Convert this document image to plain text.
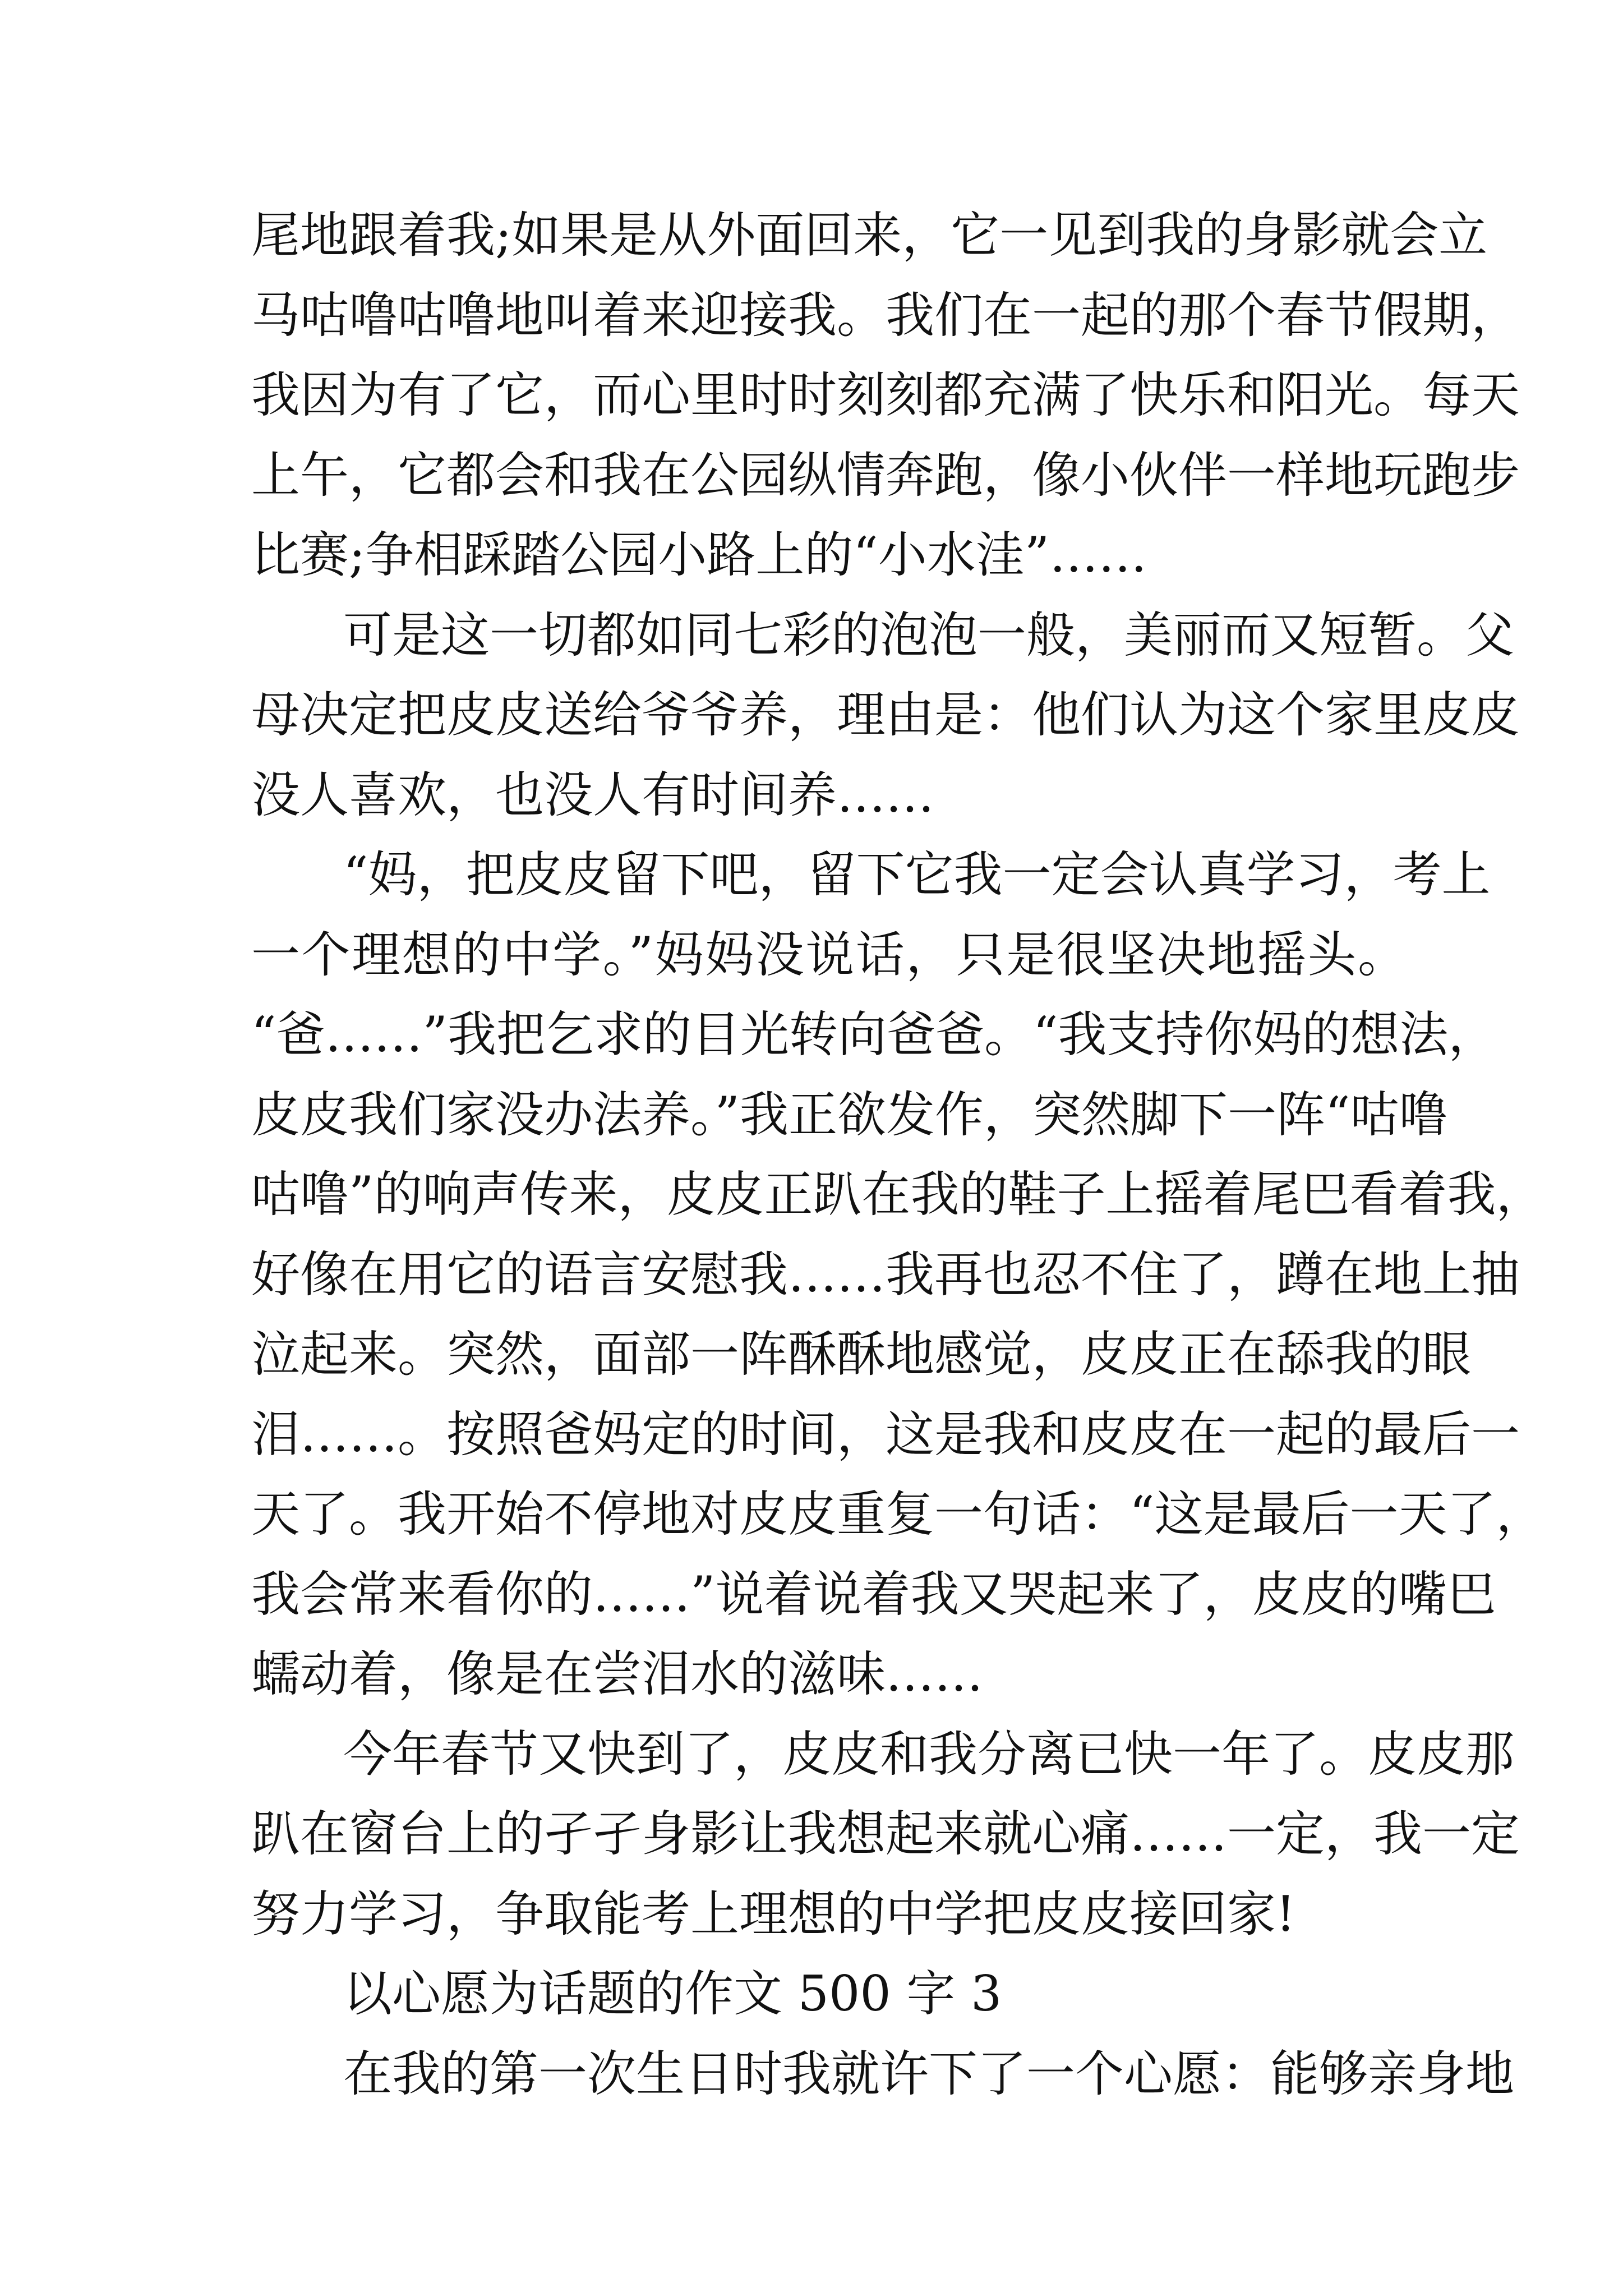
尾地跟着我;如果是从外面回来，它一见到我的身影就会立
马咕噜咕噜地叫着来迎接我。我们在一起的那个春节假期，
我因为有了它，而心里时时刻刻都充满了快乐和阳光。每天
上午，它都会和我在公园纵情奔跑，像小伙伴一样地玩跑步
比赛;争相踩踏公园小路上的“小水洼”……
可是这一切都如同七彩的泡泡一般，美丽而又短暂。父
母决定把皮皮送给爷爷养，理由是：他们认为这个家里皮皮
没人喜欢，也没人有时间养……
“妈，把皮皮留下吧，留下它我一定会认真学习，考上
一个理想的中学。”妈妈没说话，只是很坚决地摇头。
“爸……”我把乞求的目光转向爸爸。“我支持你妈的想法，
皮皮我们家没办法养。”我正欲发作，突然脚下一阵“咕噜
咕噜”的响声传来，皮皮正趴在我的鞋子上摇着尾巴看着我，
好像在用它的语言安慰我……我再也忍不住了，蹲在地上抽
泣起来。突然，面部一阵酥酥地感觉，皮皮正在舔我的眼
泪……。按照爸妈定的时间，这是我和皮皮在一起的最后一
天了。我开始不停地对皮皮重复一句话：“这是最后一天了，
我会常来看你的……”说着说着我又哭起来了，皮皮的嘴巴
蠕动着，像是在尝泪水的滋味……
今年春节又快到了，皮皮和我分离已快一年了。皮皮那
趴在窗台上的孑孑身影让我想起来就心痛……一定，我一定
努力学习，争取能考上理想的中学把皮皮接回家!
以心愿为话题的作文 500 字 3
在我的第一次生日时我就许下了一个心愿：能够亲身地
